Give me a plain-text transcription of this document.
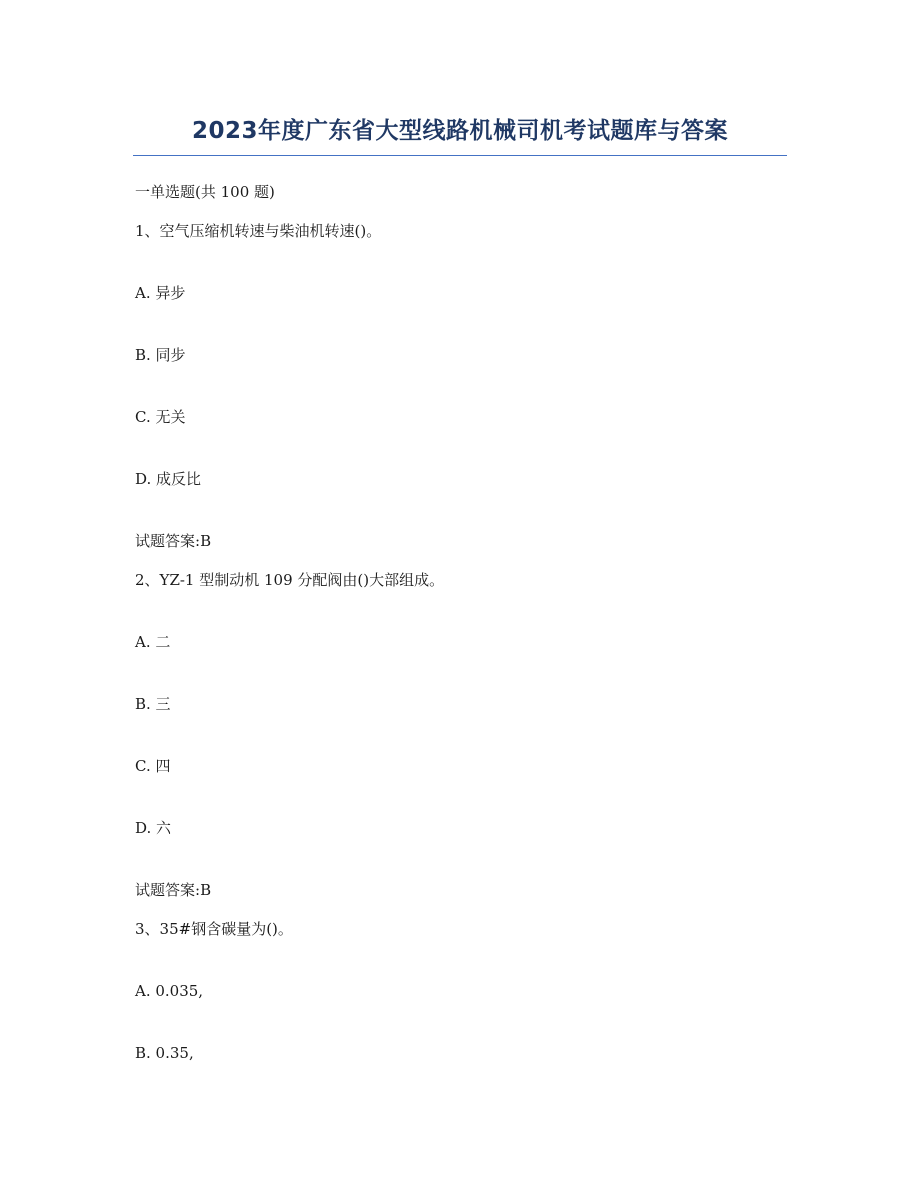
2023年度广东省大型线路机械司机考试题库与答案
一单选题(共 100 题)
1、空气压缩机转速与柴油机转速()。
A. 异步
B. 同步
C. 无关
D. 成反比
试题答案:B
2、YZ-1 型制动机 109 分配阀由()大部组成。
A. 二
B. 三
C. 四
D. 六
试题答案:B
3、35#钢含碳量为()。
A. 0.035,
B. 0.35,
